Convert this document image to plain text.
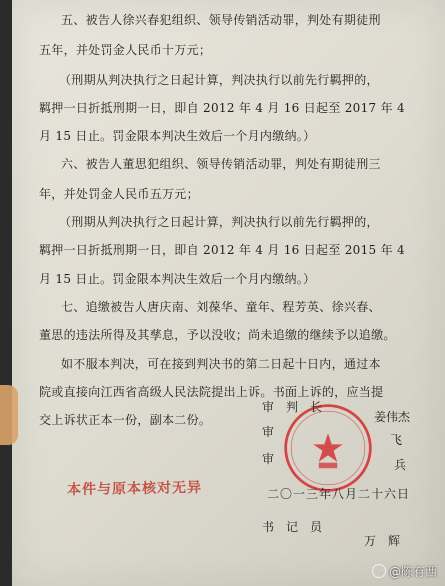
五、被告人徐兴春犯组织、领导传销活动罪，判处有期徒刑
五年，并处罚金人民币十万元；
（刑期从判决执行之日起计算，判决执行以前先行羁押的，
羁押一日折抵刑期一日，即自 2012 年 4 月 16 日起至 2017 年 4
月 15 日止。罚金限本判决生效后一个月内缴纳。）
六、被告人董思犯组织、领导传销活动罪，判处有期徒刑三
年，并处罚金人民币五万元；
（刑期从判决执行之日起计算，判决执行以前先行羁押的，
羁押一日折抵刑期一日，即自 2012 年 4 月 16 日起至 2015 年 4
月 15 日止。罚金限本判决生效后一个月内缴纳。）
七、追缴被告人唐庆南、刘葆华、童年、程芳英、徐兴春、
董思的违法所得及其孳息，予以没收；尚未追缴的继续予以追缴。
如不服本判决，可在接到判决书的第二日起十日内，通过本
院或直接向江西省高级人民法院提出上诉。书面上诉的，应当提
交上诉状正本一份，副本二份。
审　判　长
姜伟杰
审
飞
审	兵
二〇一三年八月二十六日
书　记　员
万　辉
本件与原本核对无异
@陈有西
